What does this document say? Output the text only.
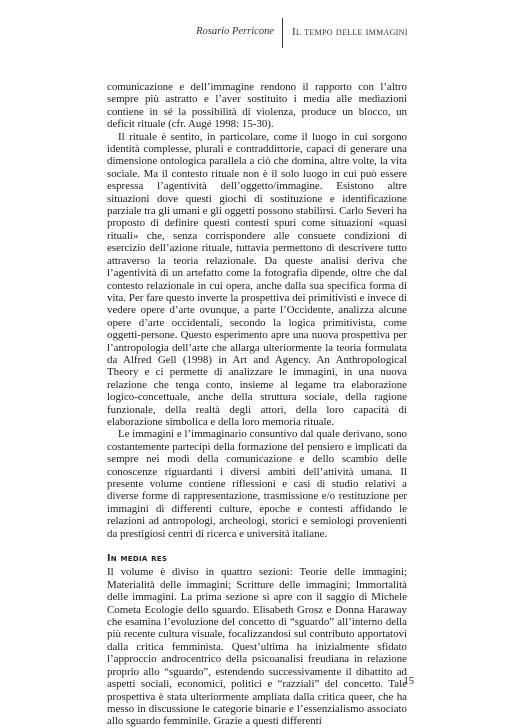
Rosario Perricone Il tempo delle immagini

comunicazione e dell’immagine rendono il rapporto con l’altro sempre più astratto e l’aver sostituito i media alle mediazioni contiene in sé la possibilità di violenza, produce un blocco, un deficit rituale (cfr. Augé 1998: 15-30).

Il rituale è sentito, in particolare, come il luogo in cui sorgono identità complesse, plurali e contraddittorie, capaci di generare una dimensione ontologica parallela a ciò che domina, altre volte, la vita sociale. Ma il contesto rituale non è il solo luogo in cui può essere espressa l’agentività dell’oggetto/immagine. Esistono altre situazioni dove questi giochi di sostituzione e identificazione parziale tra gli umani e gli oggetti possono stabilirsi. Carlo Severi ha proposto di definire questi contesti spuri come situazioni «quasi rituali» che, senza corrispondere alle consuete condizioni di esercizio dell’azione rituale, tuttavia permettono di descrivere tutto attraverso la teoria relazionale. Da queste analisi deriva che l’agentività di un artefatto come la fotografia dipende, oltre che dal contesto relazionale in cui opera, anche dalla sua specifica forma di vita. Per fare questo inverte la prospettiva dei primitivisti e invece di vedere opere d’arte ovunque, a parte l’Occidente, analizza alcune opere d’arte occidentali, secondo la logica primitivista, come oggetti-persone. Questo esperimento apre una nuova prospettiva per l’antropologia dell’arte che allarga ulteriormente la teoria formulata da Alfred Gell (1998) in Art and Agency. An Anthropological Theory e ci permette di analizzare le immagini, in una nuova relazione che tenga conto, insieme al legame tra elaborazione logico-concettuale, anche della struttura sociale, della ragione funzionale, della realtà degli attori, della loro capacità di elaborazione simbolica e della loro memoria rituale.

Le immagini e l’immaginario consuntivo dal quale derivano, sono costantemente partecipi della formazione del pensiero e implicati da sempre nei modi della comunicazione e dello scambio delle conoscenze riguardanti i diversi ambiti dell’attività umana. Il presente volume contiene riflessioni e casi di studio relativi a diverse forme di rappresentazione, trasmissione e/o restituzione per immagini di differenti culture, epoche e contesti affidando le relazioni ad antropologi, archeologi, storici e semiologi provenienti da prestigiosi centri di ricerca e università italiane.

In media res

Il volume è diviso in quattro sezioni: Teorie delle immagini; Materialità delle immagini; Scritture delle immagini; Immortalità delle immagini. La prima sezione si apre con il saggio di Michele Cometa Ecologie dello sguardo. Elisabeth Grosz e Donna Haraway che esamina l’evoluzione del concetto di “sguardo” all’interno della più recente cultura visuale, focalizzandosi sul contributo apportatovi dalla critica femminista. Quest’ultima ha inizialmente sfidato l’approccio androcentrico della psicoanalisi freudiana in relazione proprio allo “sguardo”, estendendo successivamente il dibattito ad aspetti sociali, economici, politici e “razziali” del concetto. Tale prospettiva è stata ulteriormente ampliata dalla critica queer, che ha messo in discussione le categorie binarie e l’essenzialismo associato allo sguardo femminile. Grazie a questi differenti

15
